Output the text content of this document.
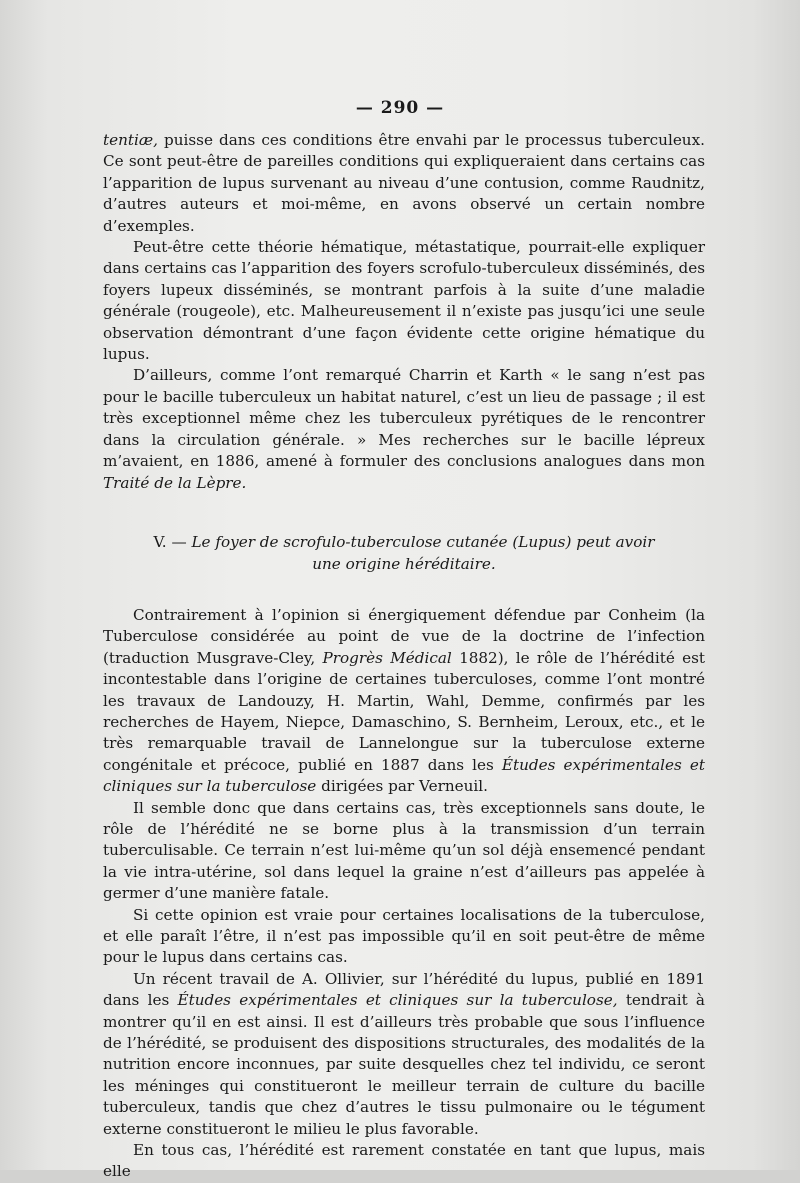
— 290 —

tentiæ, puisse dans ces conditions être envahi par le processus tuberculeux. Ce sont peut-être de pareilles conditions qui expliqueraient dans certains cas l’apparition de lupus survenant au niveau d’une contusion, comme Raudnitz, d’autres auteurs et moi-même, en avons observé un certain nombre d’exemples.

Peut-être cette théorie hématique, métastatique, pourrait-elle expliquer dans certains cas l’apparition des foyers scrofulo-tuberculeux disséminés, des foyers lupeux disséminés, se montrant parfois à la suite d’une maladie générale (rougeole), etc. Malheureusement il n’existe pas jusqu’ici une seule observation démontrant d’une façon évidente cette origine hématique du lupus.

D’ailleurs, comme l’ont remarqué Charrin et Karth « le sang n’est pas pour le bacille tuberculeux un habitat naturel, c’est un lieu de passage ; il est très exceptionnel même chez les tuberculeux pyrétiques de le rencontrer dans la circulation générale. » Mes recherches sur le bacille lépreux m’avaient, en 1886, amené à formuler des conclusions analogues dans mon Traité de la Lèpre.

V. — Le foyer de scrofulo-tuberculose cutanée (Lupus) peut avoir
une origine héréditaire.

Contrairement à l’opinion si énergiquement défendue par Conheim (la Tuberculose considérée au point de vue de la doctrine de l’infection (traduction Musgrave-Cley, Progrès Médical 1882), le rôle de l’hérédité est incontestable dans l’origine de certaines tuberculoses, comme l’ont montré les travaux de Landouzy, H. Martin, Wahl, Demme, confirmés par les recherches de Hayem, Niepce, Damaschino, S. Bernheim, Leroux, etc., et le très remarquable travail de Lannelongue sur la tuberculose externe congénitale et précoce, publié en 1887 dans les Études expérimentales et cliniques sur la tuberculose dirigées par Verneuil.

Il semble donc que dans certains cas, très exceptionnels sans doute, le rôle de l’hérédité ne se borne plus à la transmission d’un terrain tuberculisable. Ce terrain n’est lui-même qu’un sol déjà ensemencé pendant la vie intra-utérine, sol dans lequel la graine n’est d’ailleurs pas appelée à germer d’une manière fatale.

Si cette opinion est vraie pour certaines localisations de la tuberculose, et elle paraît l’être, il n’est pas impossible qu’il en soit peut-être de même pour le lupus dans certains cas.

Un récent travail de A. Ollivier, sur l’hérédité du lupus, publié en 1891 dans les Études expérimentales et cliniques sur la tuberculose, tendrait à montrer qu’il en est ainsi. Il est d’ailleurs très probable que sous l’influence de l’hérédité, se produisent des dispositions structurales, des modalités de la nutrition encore inconnues, par suite desquelles chez tel individu, ce seront les méninges qui constitueront le meilleur terrain de culture du bacille tuberculeux, tandis que chez d’autres le tissu pulmonaire ou le tégument externe constitueront le milieu le plus favorable.

En tous cas, l’hérédité est rarement constatée en tant que lupus, mais elle
